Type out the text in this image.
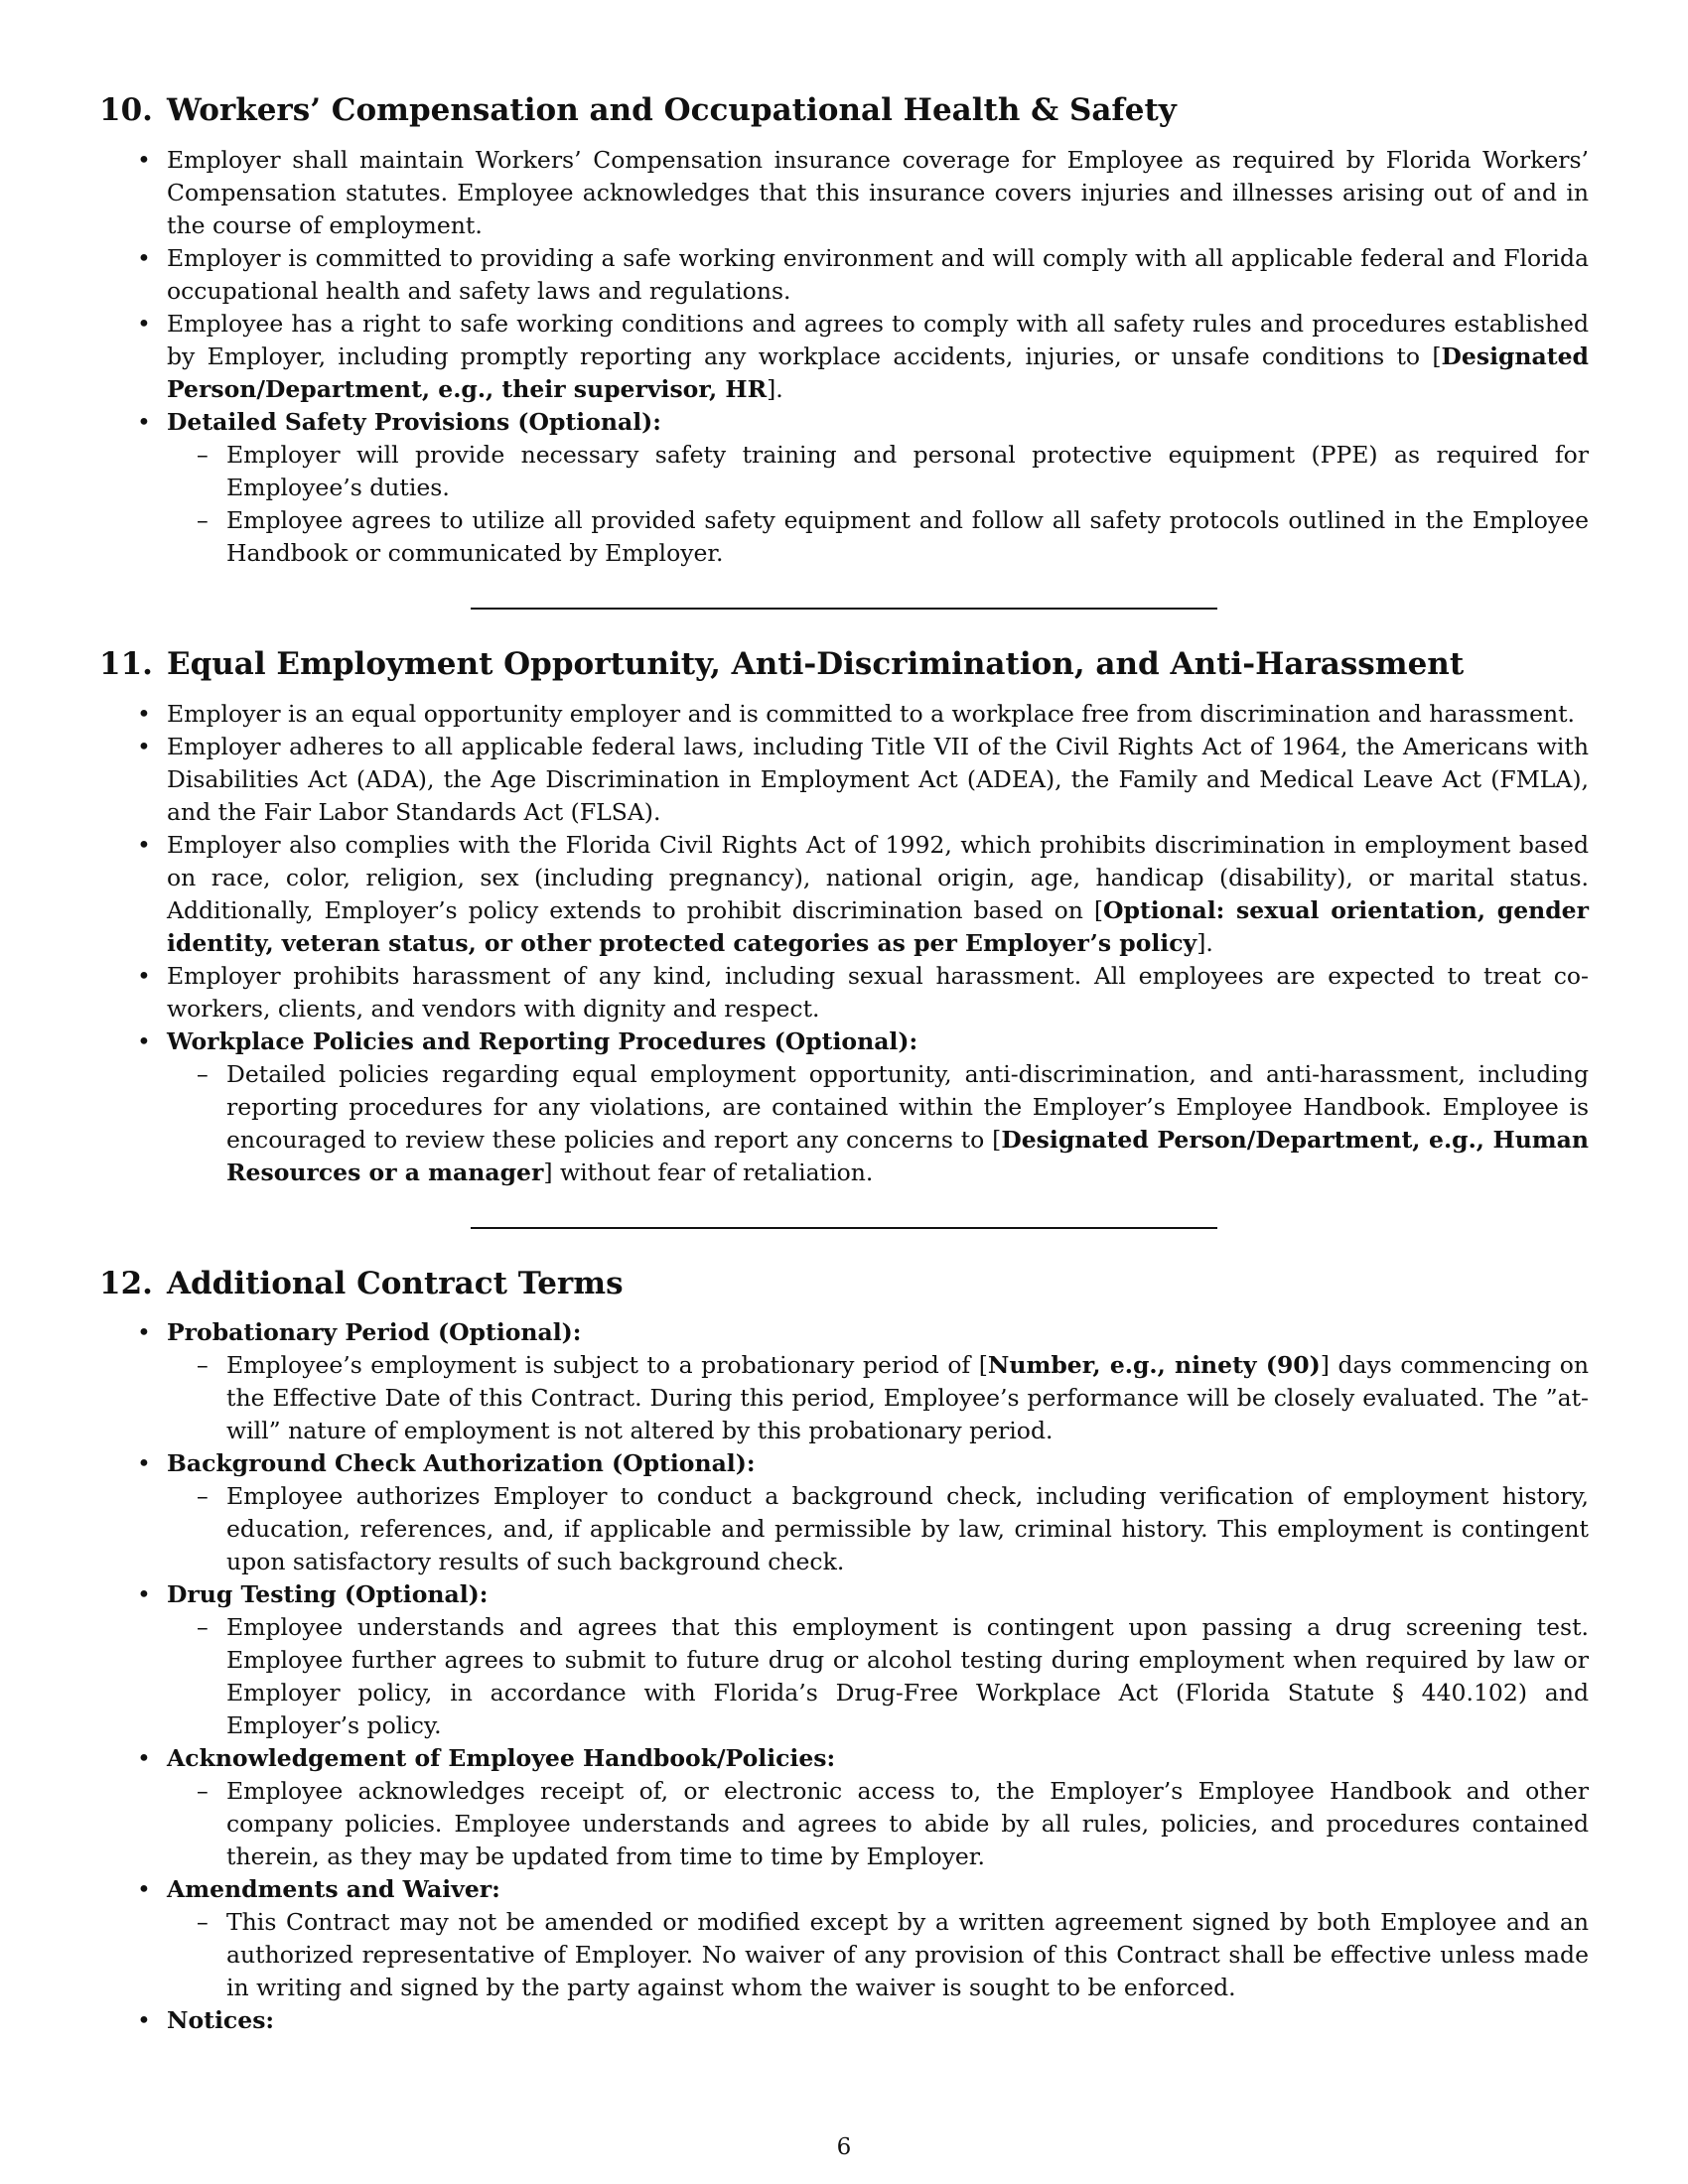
10. Workers’ Compensation and Occupational Health & Safety
• Employer shall maintain Workers’ Compensation insurance coverage for Employee as required by Florida Workers’ Compensation statutes. Employee acknowledges that this insurance covers injuries and illnesses arising out of and in the course of employment.
• Employer is committed to providing a safe working environment and will comply with all applicable federal and Florida occupational health and safety laws and regulations.
• Employee has a right to safe working conditions and agrees to comply with all safety rules and procedures established by Employer, including promptly reporting any workplace accidents, injuries, or unsafe conditions to [Designated Person/Department, e.g., their supervisor, HR].
• Detailed Safety Provisions (Optional):
– Employer will provide necessary safety training and personal protective equipment (PPE) as required for Employee’s duties.
– Employee agrees to utilize all provided safety equipment and follow all safety protocols outlined in the Employee Handbook or communicated by Employer.
11. Equal Employment Opportunity, Anti-Discrimination, and Anti-Harassment
• Employer is an equal opportunity employer and is committed to a workplace free from discrimination and harassment.
• Employer adheres to all applicable federal laws, including Title VII of the Civil Rights Act of 1964, the Americans with Disabilities Act (ADA), the Age Discrimination in Employment Act (ADEA), the Family and Medical Leave Act (FMLA), and the Fair Labor Standards Act (FLSA).
• Employer also complies with the Florida Civil Rights Act of 1992, which prohibits discrimination in employment based on race, color, religion, sex (including pregnancy), national origin, age, handicap (disability), or marital status. Additionally, Employer’s policy extends to prohibit discrimination based on [Optional: sexual orientation, gender identity, veteran status, or other protected categories as per Employer’s policy].
• Employer prohibits harassment of any kind, including sexual harassment. All employees are expected to treat co-workers, clients, and vendors with dignity and respect.
• Workplace Policies and Reporting Procedures (Optional):
– Detailed policies regarding equal employment opportunity, anti-discrimination, and anti-harassment, including reporting procedures for any violations, are contained within the Employer’s Employee Handbook. Employee is encouraged to review these policies and report any concerns to [Designated Person/Department, e.g., Human Resources or a manager] without fear of retaliation.
12. Additional Contract Terms
• Probationary Period (Optional):
– Employee’s employment is subject to a probationary period of [Number, e.g., ninety (90)] days commencing on the Effective Date of this Contract. During this period, Employee’s performance will be closely evaluated. The ”at-will” nature of employment is not altered by this probationary period.
• Background Check Authorization (Optional):
– Employee authorizes Employer to conduct a background check, including verification of employment history, education, references, and, if applicable and permissible by law, criminal history. This employment is contingent upon satisfactory results of such background check.
• Drug Testing (Optional):
– Employee understands and agrees that this employment is contingent upon passing a drug screening test. Employee further agrees to submit to future drug or alcohol testing during employment when required by law or Employer policy, in accordance with Florida’s Drug-Free Workplace Act (Florida Statute § 440.102) and Employer’s policy.
• Acknowledgement of Employee Handbook/Policies:
– Employee acknowledges receipt of, or electronic access to, the Employer’s Employee Handbook and other company policies. Employee understands and agrees to abide by all rules, policies, and procedures contained therein, as they may be updated from time to time by Employer.
• Amendments and Waiver:
– This Contract may not be amended or modified except by a written agreement signed by both Employee and an authorized representative of Employer. No waiver of any provision of this Contract shall be effective unless made in writing and signed by the party against whom the waiver is sought to be enforced.
• Notices:
6
